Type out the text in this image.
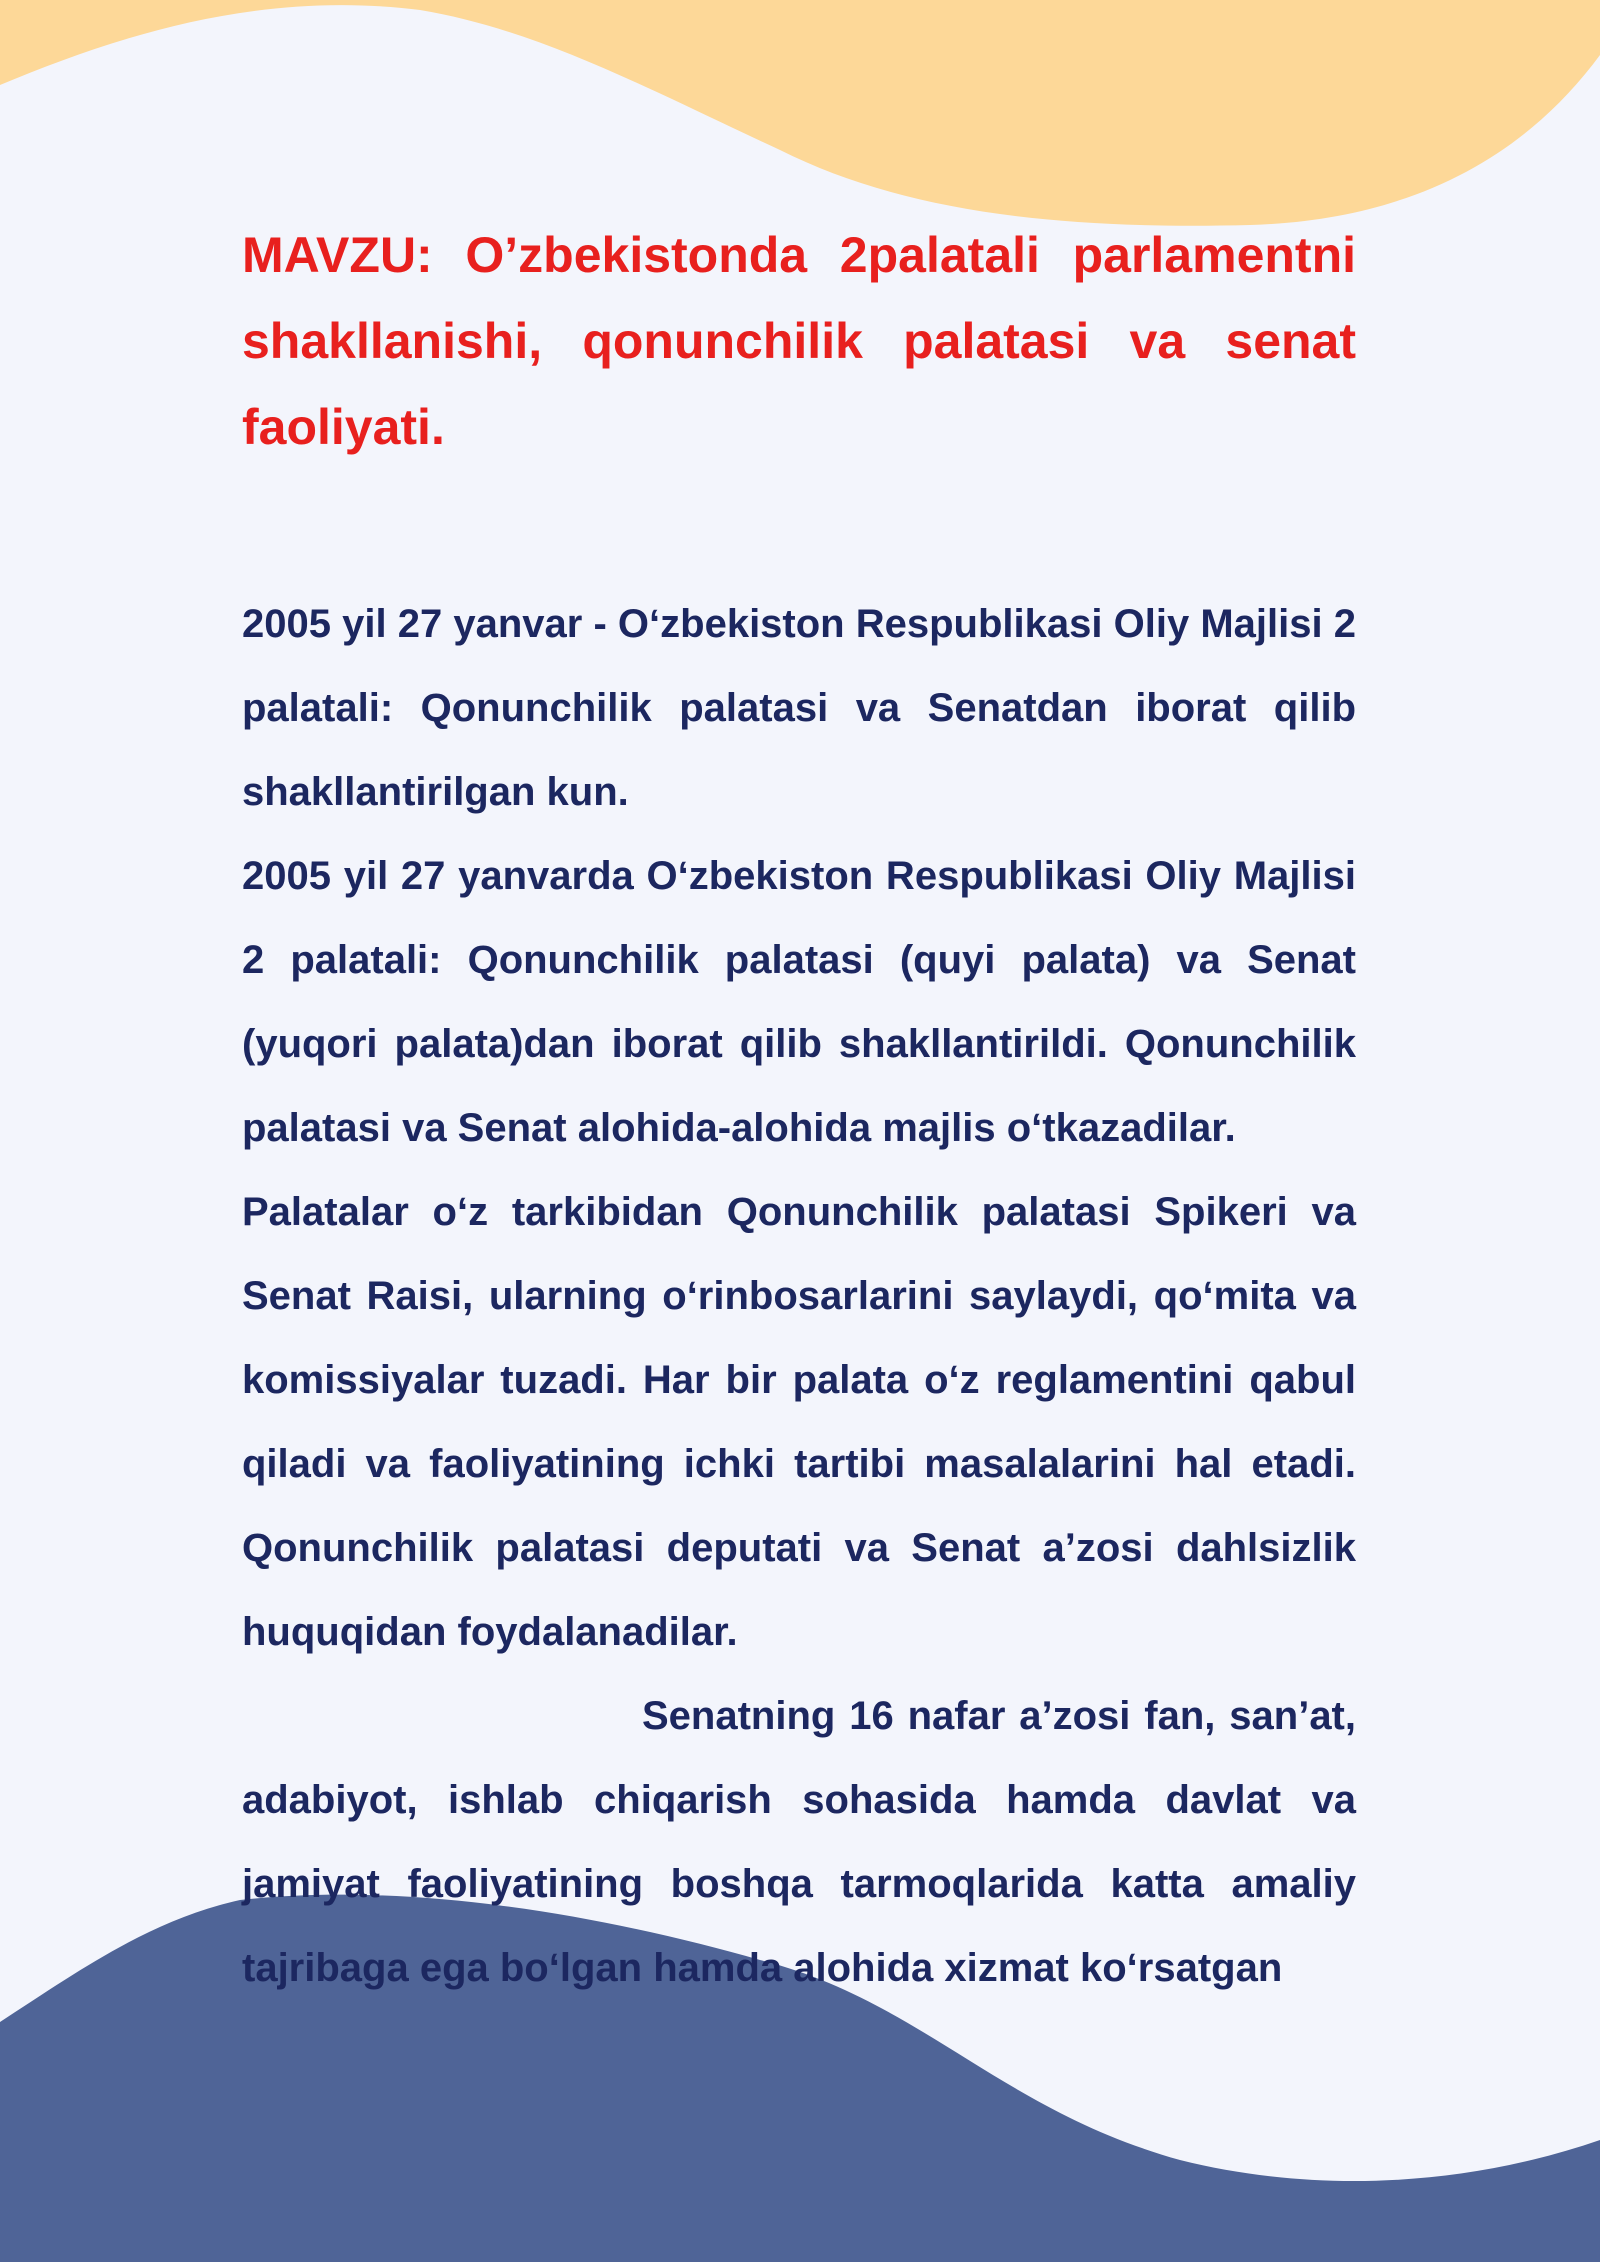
MAVZU: O’zbekistonda 2palatali parlamentni shakllanishi, qonunchilik palatasi va senat faoliyati.

2005 yil 27 yanvar - O‘zbekiston Respublikasi Oliy Majlisi 2 palatali: Qonunchilik palatasi va Senatdan iborat qilib shakllantirilgan kun.

2005 yil 27 yanvarda O‘zbekiston Respublikasi Oliy Majlisi 2 palatali: Qonunchilik palatasi (quyi palata) va Senat (yuqori palata)dan iborat qilib shakllantirildi. Qonunchilik palatasi va Senat alohida-alohida majlis o‘tkazadilar.

Palatalar o‘z tarkibidan Qonunchilik palatasi Spikeri va Senat Raisi, ularning o‘rinbosarlarini saylaydi, qo‘mita va komissiyalar tuzadi. Har bir palata o‘z reglamentini qabul qiladi va faoliyatining ichki tartibi masalalarini hal etadi. Qonunchilik palatasi deputati va Senat a’zosi dahlsizlik huquqidan foydalanadilar.

Senatning 16 nafar a’zosi fan, san’at, adabiyot, ishlab chiqarish sohasida hamda davlat va jamiyat faoliyatining boshqa tarmoqlarida katta amaliy tajribaga ega bo‘lgan hamda alohida xizmat ko‘rsatgan
